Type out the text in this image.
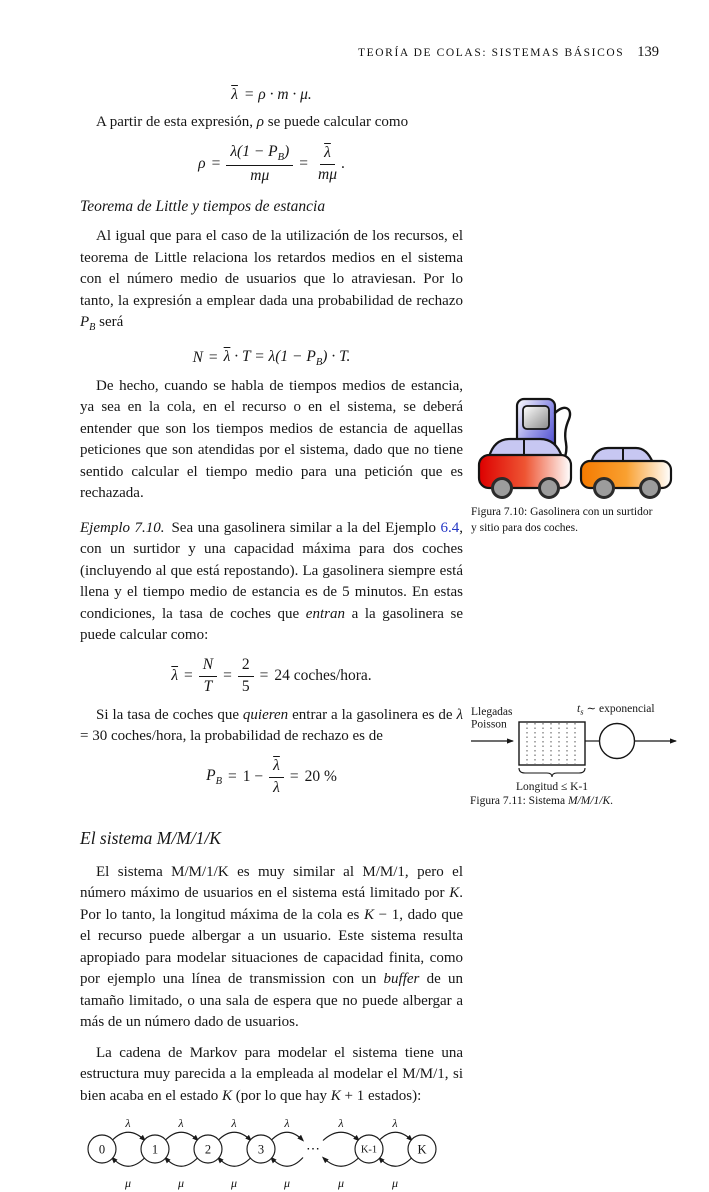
TEORÍA DE COLAS: SISTEMAS BÁSICOS 139
$\overline{\lambda} = \rho \cdot m \cdot \mu$.

A partir de esta expresión, ρ se puede calcular como

$\rho = \frac{\lambda(1 - P_B)}{m\mu} = \frac{\overline{\lambda}}{m\mu}$ .
Teorema de Little y tiempos de estancia

Al igual que para el caso de la utilización de los recursos, el teorema de Little relaciona los retardos medios en el sistema con el número medio de usuarios que lo atraviesan. Por lo tanto, la expresión a emplear dada una probabilidad de rechazo $P_B$ será

$N = \overline{\lambda} \cdot T = \lambda(1 - P_B) \cdot T$.

De hecho, cuando se habla de tiempos medios de estancia, ya sea en la cola, en el recurso o en el sistema, se deberá entender que son los tiempos medios de estancia de aquellas peticiones que son atendidas por el sistema, dado que no tiene sentido calcular el tiempo medio para una petición que es rechazada.

Ejemplo 7.10. Sea una gasolinera similar a la del Ejemplo 6.4, con un surtidor y una capacidad máxima para dos coches (incluyendo al que está repostando). La gasolinera siempre está llena y el tiempo medio de estancia es de 5 minutos. En estas condiciones, la tasa de coches que entran a la gasolinera se puede calcular como:

$\overline{\lambda} = \frac{N}{T} = \frac{2}{5} = 24$ coches/hora.

Si la tasa de coches que quieren entrar a la gasolinera es de λ = 30 coches/hora, la probabilidad de rechazo es de

$P_B = 1 - \frac{\overline{\lambda}}{\lambda} = 20$ %
El sistema M/M/1/K

El sistema M/M/1/K es muy similar al M/M/1, pero el número máximo de usuarios en el sistema está limitado por K. Por lo tanto, la longitud máxima de la cola es K − 1, dado que el recurso puede albergar a un usuario. Este sistema resulta apropiado para modelar situaciones de capacidad finita, como por ejemplo una línea de transmission con un buffer de un tamaño limitado, o una sala de espera que no puede albergar a más de un número dado de usuarios.

La cadena de Markov para modelar el sistema tiene una estructura muy parecida a la empleada al modelar el M/M/1, si bien acaba en el estado K (por lo que hay K + 1 estados):

0	1	2	3	⋯	K-1	K
λ	λ	λ	λ	λ	λ
μ	μ	μ	μ	μ	μ
Figura 7.10: Gasolinera con un surtidor
y sitio para dos coches.
Llegadas
Poisson
$t_s$ ∼ exponencial
Longitud ≤ K-1
Figura 7.11: Sistema M/M/1/K.
